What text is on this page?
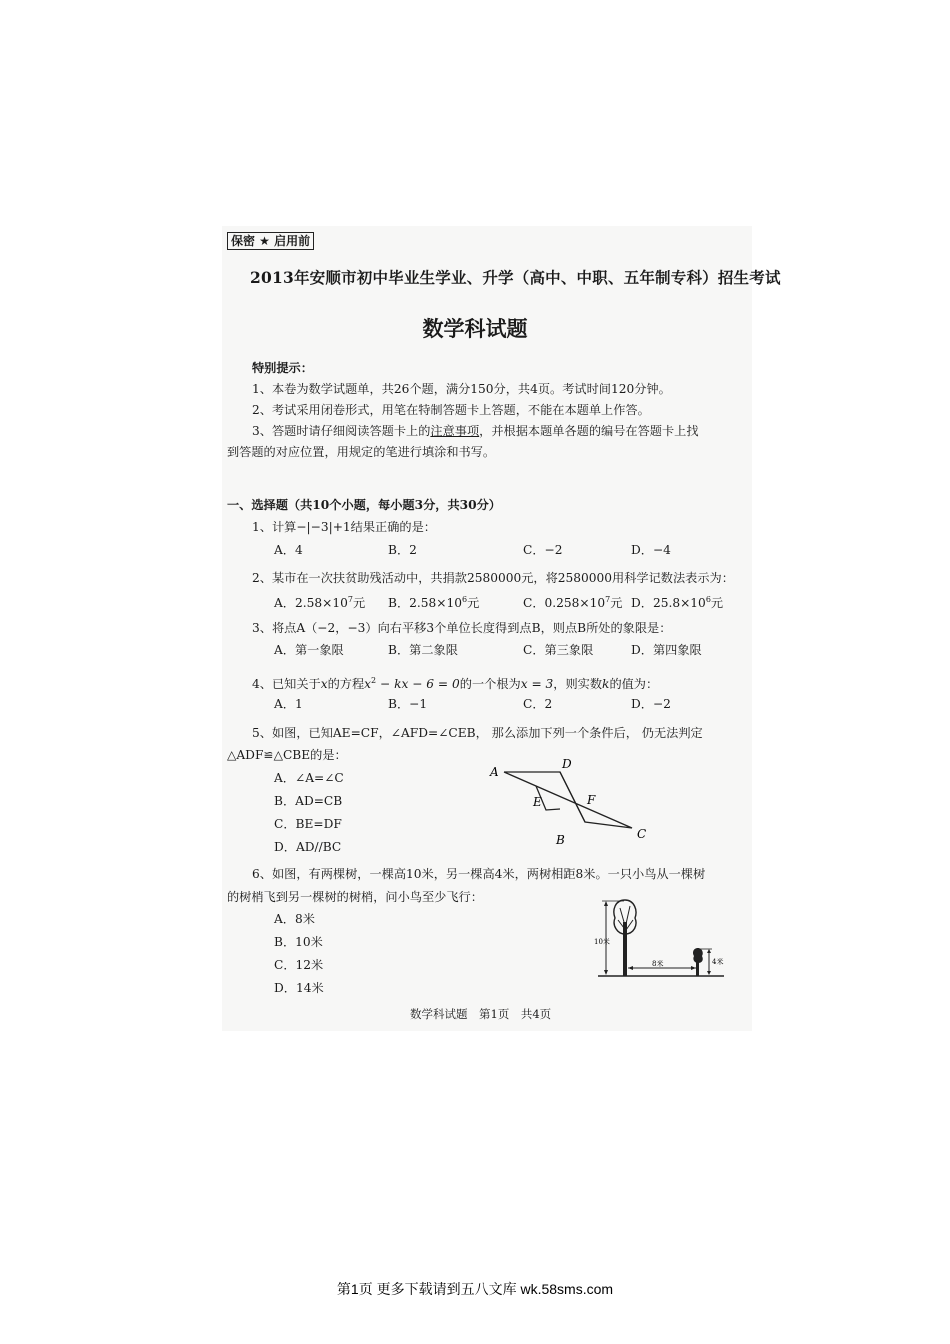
保密 ★ 启用前
2013年安顺市初中毕业生学业、升学（高中、中职、五年制专科）招生考试
数学科试题
特别提示：
1、本卷为数学试题单，共26个题，满分150分，共4页。考试时间120分钟。
2、考试采用闭卷形式，用笔在特制答题卡上答题，不能在本题单上作答。
3、答题时请仔细阅读答题卡上的注意事项，并根据本题单各题的编号在答题卡上找
到答题的对应位置，用规定的笔进行填涂和书写。
一、选择题（共10个小题，每小题3分，共30分）
1、计算−|−3|+1结果正确的是：
A．4	B．2	C．−2	D．−4
2、某市在一次扶贫助残活动中，共捐款2580000元，将2580000用科学记数法表示为：
A．$2.58\times 10^7$元 B．$2.58\times 10^6$元	C．$0.258\times 10^7$元 D．$25.8\times 10^6$元
3、将点A（−2，−3）向右平移3个单位长度得到点B，则点B所处的象限是：
A．第一象限	B．第二象限	C．第三象限	D．第四象限
4、已知关于x的方程$x^2$ − kx − 6 = 0的一个根为x = 3，则实数k的值为：
A．1	B．−1	C．2	D．−2
5、如图，已知AE=CF，∠AFD=∠CEB， 那么添加下列一个条件后， 仍无法判定
△ADF≌△CBE的是：
A．∠A=∠C
B．AD=CB
C．BE=DF
D．AD//BC
A
D
E	F
B	C
6、如图，有两棵树，一棵高10米，另一棵高4米，两树相距8米。一只小鸟从一棵树
的树梢飞到另一棵树的树梢，问小鸟至少飞行：
A．8米
B．10米
C．12米
D．14米
10米
8米	4米
数学科试题　第1页　共4页
第1页 更多下载请到五八文库 wk.58sms.com
